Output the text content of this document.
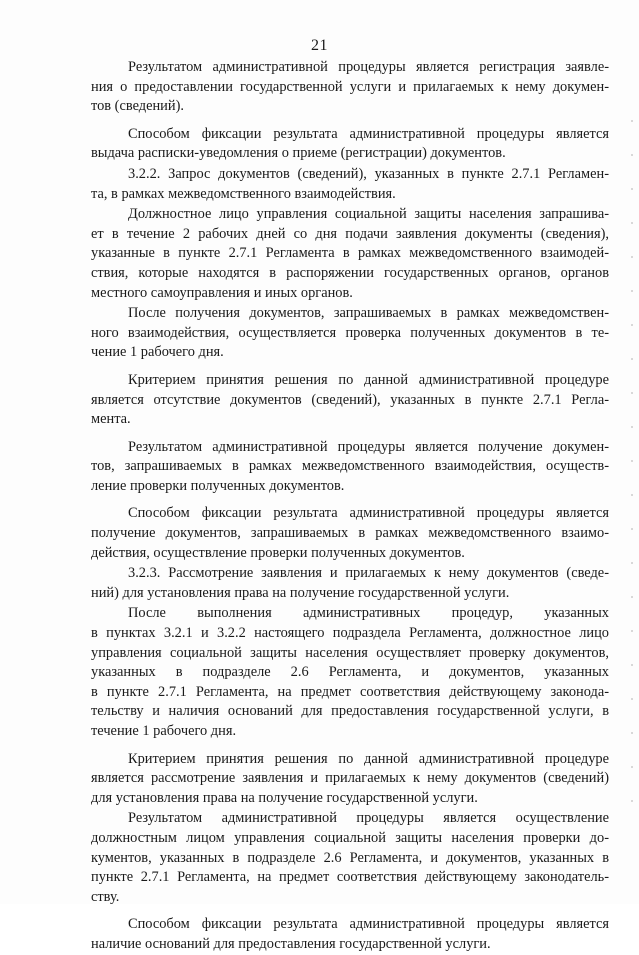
21

Результатом административной процедуры является регистрация заявле-
ния о предоставлении государственной услуги и прилагаемых к нему докумен-
тов (сведений).

Способом фиксации результата административной процедуры является
выдача расписки-уведомления о приеме (регистрации) документов.

3.2.2. Запрос документов (сведений), указанных в пункте 2.7.1 Регламен-
та, в рамках межведомственного взаимодействия.

Должностное лицо управления социальной защиты населения запрашива-
ет в течение 2 рабочих дней со дня подачи заявления документы (сведения),
указанные в пункте 2.7.1 Регламента в рамках межведомственного взаимодей-
ствия, которые находятся в распоряжении государственных органов, органов
местного самоуправления и иных органов.

После получения документов, запрашиваемых в рамках межведомствен-
ного взаимодействия, осуществляется проверка полученных документов в те-
чение 1 рабочего дня.

Критерием принятия решения по данной административной процедуре
является отсутствие документов (сведений), указанных в пункте 2.7.1 Регла-
мента.

Результатом административной процедуры является получение докумен-
тов, запрашиваемых в рамках межведомственного взаимодействия, осуществ-
ление проверки полученных документов.

Способом фиксации результата административной процедуры является
получение документов, запрашиваемых в рамках межведомственного взаимо-
действия, осуществление проверки полученных документов.

3.2.3. Рассмотрение заявления и прилагаемых к нему документов (сведе-
ний) для установления права на получение государственной услуги.

После выполнения административных процедур, указанных
в пунктах 3.2.1 и 3.2.2 настоящего подраздела Регламента, должностное лицо
управления социальной защиты населения осуществляет проверку документов,
указанных в подразделе 2.6 Регламента, и документов, указанных
в пункте 2.7.1 Регламента, на предмет соответствия действующему законода-
тельству и наличия оснований для предоставления государственной услуги, в
течение 1 рабочего дня.

Критерием принятия решения по данной административной процедуре
является рассмотрение заявления и прилагаемых к нему документов (сведений)
для установления права на получение государственной услуги.

Результатом административной процедуры является осуществление
должностным лицом управления социальной защиты населения проверки до-
кументов, указанных в подразделе 2.6 Регламента, и документов, указанных в
пункте 2.7.1 Регламента, на предмет соответствия действующему законодатель-
ству.

Способом фиксации результата административной процедуры является
наличие оснований для предоставления государственной услуги.
